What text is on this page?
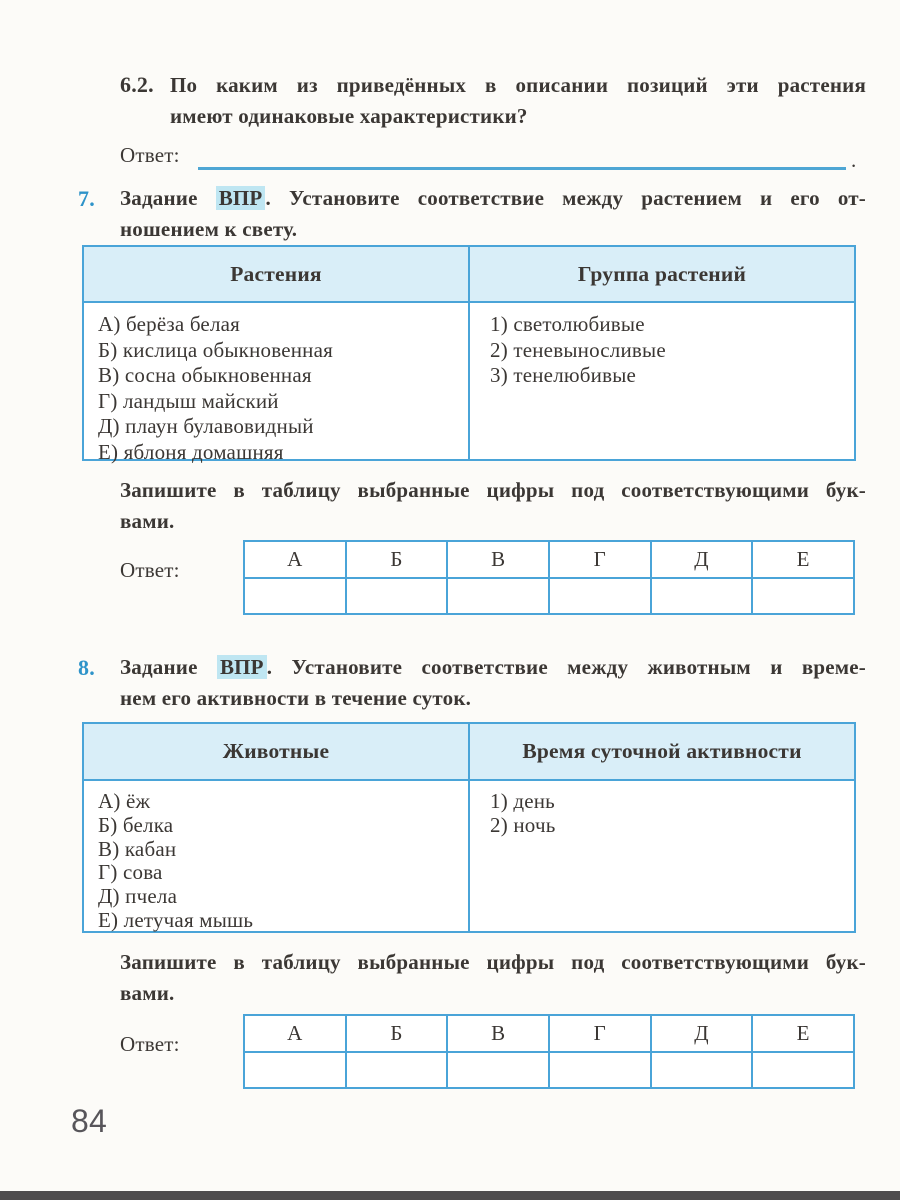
6.2. По каким из приведённых в описании позиций эти растения
имеют одинаковые характеристики?
Ответ:	.
7. Задание ВПР . Установите соответствие между растением и его от-
ношением к свету.
Растения	Группа растений
А) берёза белая
Б) кислица обыкновенная
В) сосна обыкновенная
Г) ландыш майский
Д) плаун булавовидный
Е) яблоня домашняя
1) светолюбивые
2) теневыносливые
3) тенелюбивые
Запишите в таблицу выбранные цифры под соответствующими бук-
вами.
Ответ:	А	Б	В	Г	Д	Е
8. Задание ВПР . Установите соответствие между животным и време-
нем его активности в течение суток.
Животные	Время суточной активности
А) ёж
Б) белка
В) кабан
Г) сова
Д) пчела
Е) летучая мышь
1) день
2) ночь
Запишите в таблицу выбранные цифры под соответствующими бук-
вами.
Ответ:	А	Б	В	Г	Д	Е
84
